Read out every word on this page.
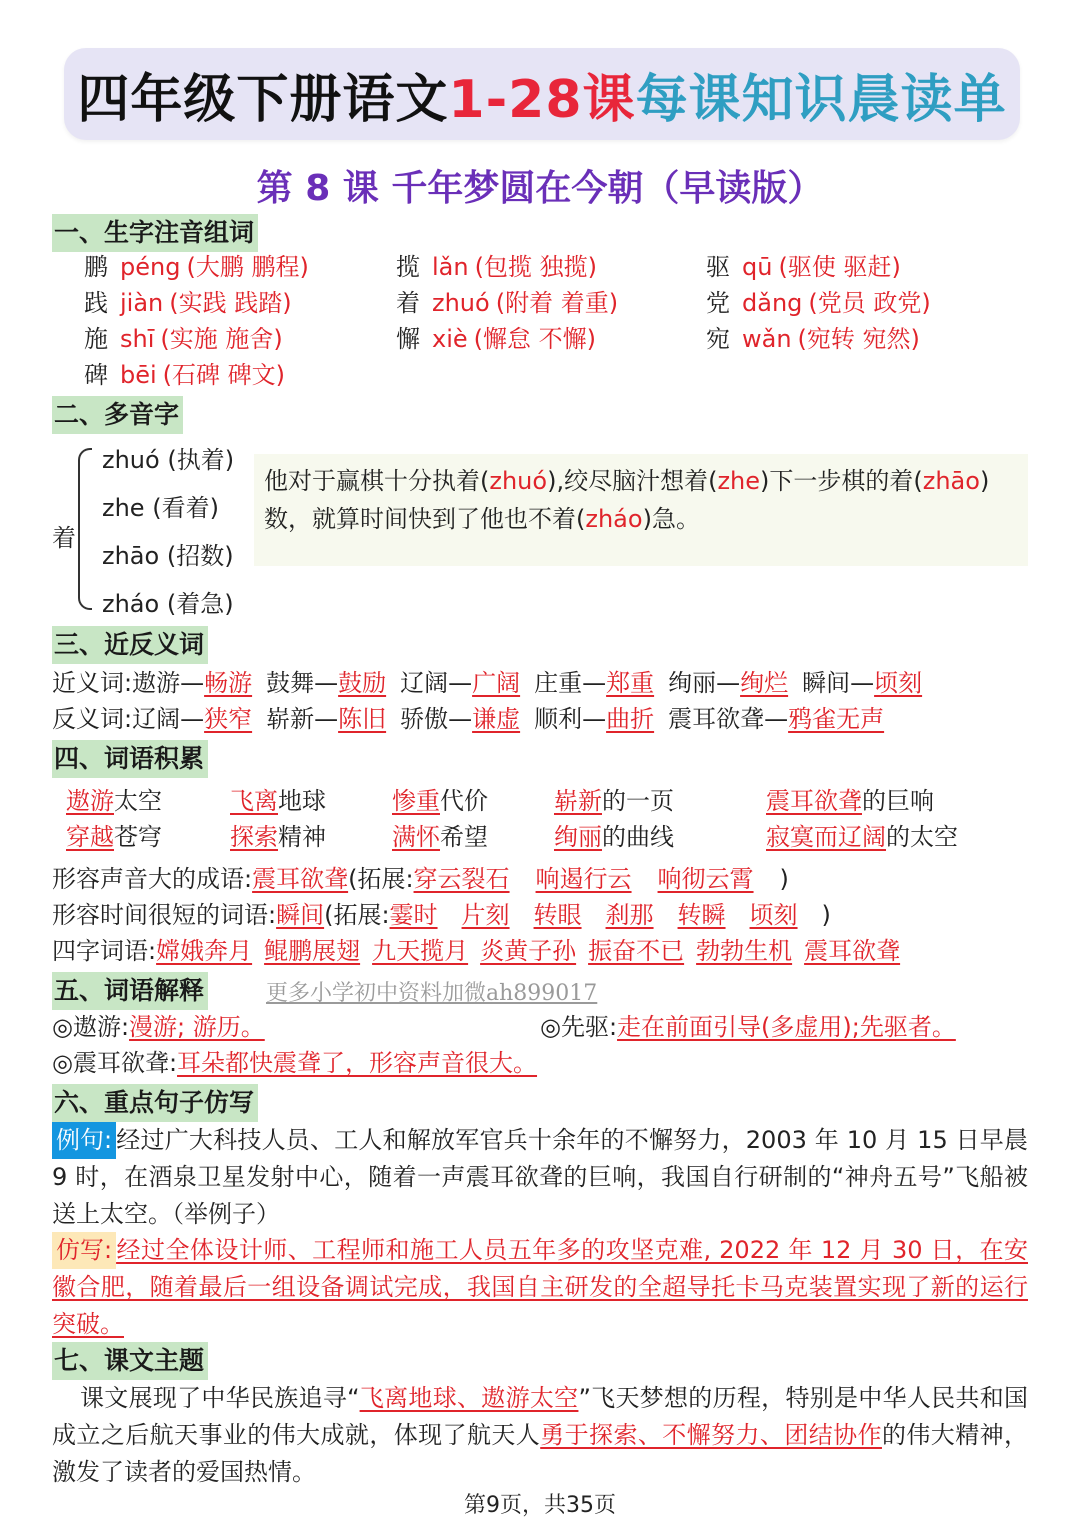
四年级下册语文 1-28课 每课知识晨读单
第 8 课 千年梦圆在今朝（早读版）
一、生字注音组词
鹏 péng (大鹏 鹏程)	揽 lǎn (包揽 独揽)	驱 qū (驱使 驱赶)
践 jiàn (实践 践踏)	着 zhuó (附着 着重)	党 dǎng (党员 政党)
施 shī (实施 施舍)	懈 xiè (懈怠 不懈)	宛 wǎn (宛转 宛然)
碑 bēi (石碑 碑文)
二、多音字
着
zhuó (执着)
zhe (看着)
zhāo (招数)
zháo (着急)
他对于赢棋十分执着(zhuó),绞尽脑汁想着(zhe)下一步棋的着(zhāo)数，就算时间快到了他也不着(zháo)急。
三、近反义词
近义词:遨游—畅游 鼓舞—鼓励 辽阔—广阔 庄重—郑重 绚丽—绚烂 瞬间—顷刻
反义词:辽阔—狭窄 崭新—陈旧 骄傲—谦虚 顺利—曲折 震耳欲聋—鸦雀无声
四、词语积累
遨游太空	飞离地球	惨重代价	崭新的一页	震耳欲聋的巨响
穿越苍穹	探索精神	满怀希望	绚丽的曲线	寂寞而辽阔的太空
形容声音大的成语:震耳欲聋(拓展:穿云裂石 响遏行云 响彻云霄 )
形容时间很短的词语:瞬间(拓展:霎时 片刻 转眼 刹那 转瞬 顷刻 )
四字词语:嫦娥奔月 鲲鹏展翅 九天揽月 炎黄子孙 振奋不已 勃勃生机 震耳欲聋
五、词语解释	更多小学初中资料加微ah899017
◎遨游:漫游; 游历。	◎先驱:走在前面引导(多虚用);先驱者。
◎震耳欲聋:耳朵都快震聋了，形容声音很大。
六、重点句子仿写
例句: 经过广大科技人员、工人和解放军官兵十余年的不懈努力，2003 年 10 月 15 日早晨 9 时，在酒泉卫星发射中心，随着一声震耳欲聋的巨响，我国自行研制的“神舟五号”飞船被送上太空。（举例子）
仿写: 经过全体设计师、工程师和施工人员五年多的攻坚克难, 2022 年 12 月 30 日，在安徽合肥，随着最后一组设备调试完成，我国自主研发的全超导托卡马克装置实现了新的运行突破。
七、课文主题
课文展现了中华民族追寻“飞离地球、遨游太空”飞天梦想的历程，特别是中华人民共和国成立之后航天事业的伟大成就，体现了航天人勇于探索、不懈努力、团结协作的伟大精神，激发了读者的爱国热情。
第9页，共35页
